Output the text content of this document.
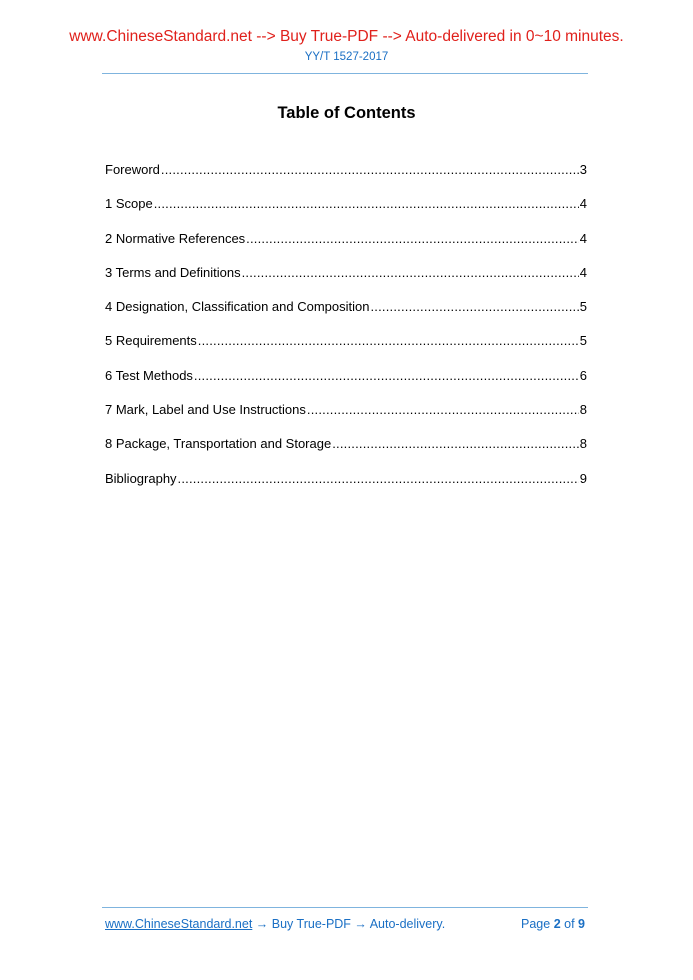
www.ChineseStandard.net --> Buy True-PDF --> Auto-delivered in 0~10 minutes.
YY/T 1527-2017
Table of Contents
Foreword .....	3
1 Scope .....	4
2 Normative References .....	4
3 Terms and Definitions .....	4
4 Designation, Classification and Composition .....	5
5 Requirements .....	5
6 Test Methods .....	6
7 Mark, Label and Use Instructions .....	8
8 Package, Transportation and Storage .....	8
Bibliography .....	9
www.ChineseStandard.net → Buy True-PDF → Auto-delivery.	Page 2 of 9
